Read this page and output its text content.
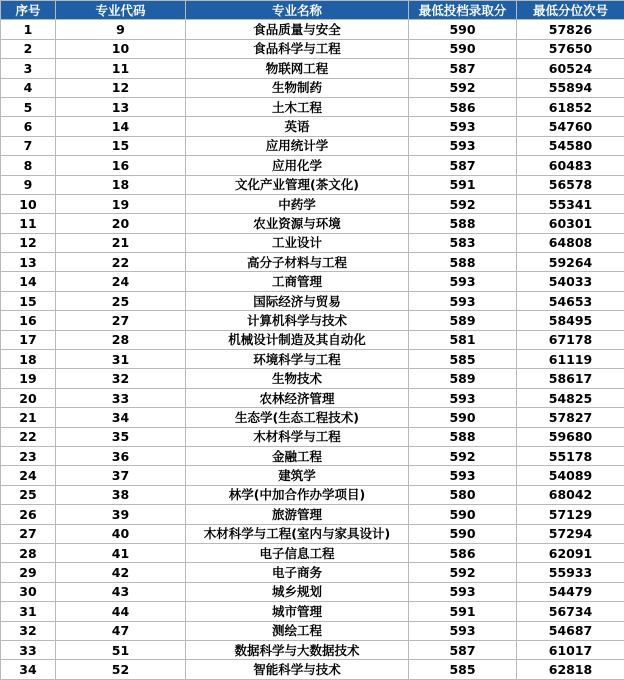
序号	专业代码	专业名称	最低投档录取分	最低分位次号
1	9	食品质量与安全	590	57826
2	10	食品科学与工程	590	57650
3	11	物联网工程	587	60524
4	12	生物制药	592	55894
5	13	土木工程	586	61852
6	14	英语	593	54760
7	15	应用统计学	593	54580
8	16	应用化学	587	60483
9	18	文化产业管理(茶文化)	591	56578
10	19	中药学	592	55341
11	20	农业资源与环境	588	60301
12	21	工业设计	583	64808
13	22	高分子材料与工程	588	59264
14	24	工商管理	593	54033
15	25	国际经济与贸易	593	54653
16	27	计算机科学与技术	589	58495
17	28	机械设计制造及其自动化	581	67178
18	31	环境科学与工程	585	61119
19	32	生物技术	589	58617
20	33	农林经济管理	593	54825
21	34	生态学(生态工程技术)	590	57827
22	35	木材科学与工程	588	59680
23	36	金融工程	592	55178
24	37	建筑学	593	54089
25	38	林学(中加合作办学项目)	580	68042
26	39	旅游管理	590	57129
27	40	木材科学与工程(室内与家具设计)	590	57294
28	41	电子信息工程	586	62091
29	42	电子商务	592	55933
30	43	城乡规划	593	54479
31	44	城市管理	591	56734
32	47	测绘工程	593	54687
33	51	数据科学与大数据技术	587	61017
34	52	智能科学与技术	585	62818
